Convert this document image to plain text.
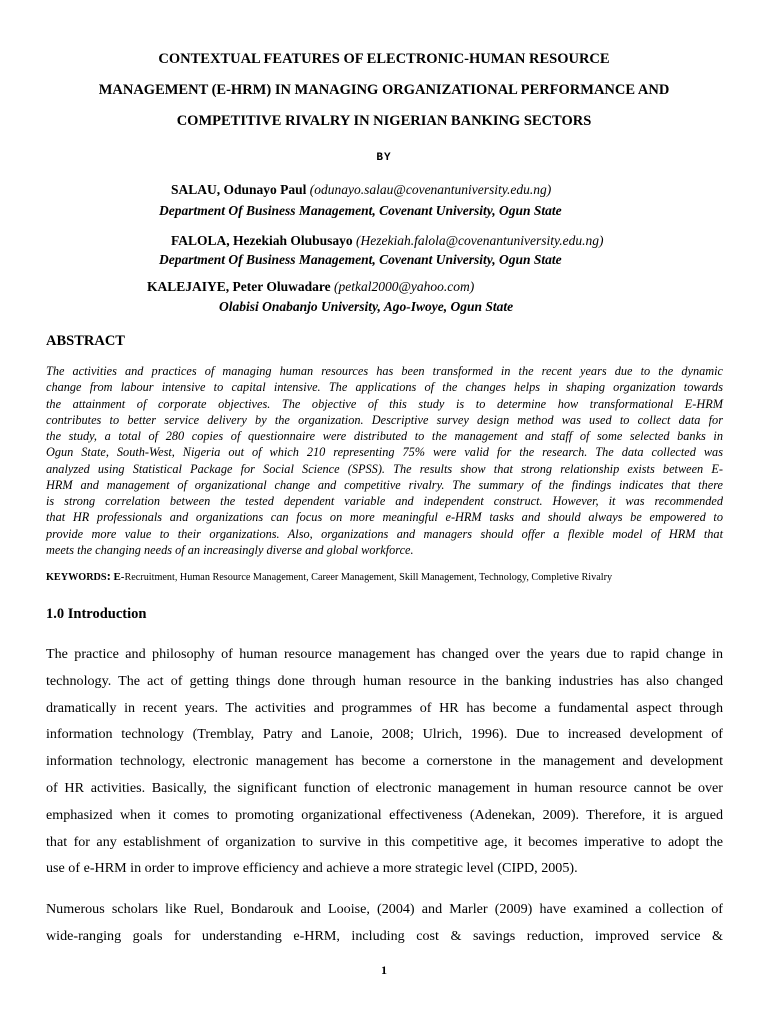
CONTEXTUAL FEATURES OF ELECTRONIC-HUMAN RESOURCE
MANAGEMENT (E-HRM) IN MANAGING ORGANIZATIONAL PERFORMANCE AND
COMPETITIVE RIVALRY IN NIGERIAN BANKING SECTORS
BY
SALAU, Odunayo Paul (odunayo.salau@covenantuniversity.edu.ng)
Department Of Business Management, Covenant University, Ogun State
FALOLA, Hezekiah Olubusayo (Hezekiah.falola@covenantuniversity.edu.ng)
Department Of Business Management, Covenant University, Ogun State
KALEJAIYE, Peter Oluwadare (petkal2000@yahoo.com)
Olabisi Onabanjo University, Ago-Iwoye, Ogun State
ABSTRACT
The activities and practices of managing human resources has been transformed in the recent years due to the dynamic
change from labour intensive to capital intensive. The applications of the changes helps in shaping organization towards
the attainment of corporate objectives. The objective of this study is to determine how transformational E-HRM
contributes to better service delivery by the organization. Descriptive survey design method was used to collect data for
the study, a total of 280 copies of questionnaire were distributed to the management and staff of some selected banks in
Ogun State, South-West, Nigeria out of which 210 representing 75% were valid for the research. The data collected was
analyzed using Statistical Package for Social Science (SPSS). The results show that strong relationship exists between E-
HRM and management of organizational change and competitive rivalry. The summary of the findings indicates that there
is strong correlation between the tested dependent variable and independent construct. However, it was recommended
that HR professionals and organizations can focus on more meaningful e-HRM tasks and should always be empowered to
provide more value to their organizations. Also, organizations and managers should offer a flexible model of HRM that
meets the changing needs of an increasingly diverse and global workforce.
KEYWORDS: E-Recruitment, Human Resource Management, Career Management, Skill Management, Technology, Completive Rivalry
1.0 Introduction
The practice and philosophy of human resource management has changed over the years due to rapid change in
technology. The act of getting things done through human resource in the banking industries has also changed
dramatically in recent years. The activities and programmes of HR has become a fundamental aspect through
information technology (Tremblay, Patry and Lanoie, 2008; Ulrich, 1996). Due to increased development of
information technology, electronic management has become a cornerstone in the management and development
of HR activities. Basically, the significant function of electronic management in human resource cannot be over
emphasized when it comes to promoting organizational effectiveness (Adenekan, 2009). Therefore, it is argued
that for any establishment of organization to survive in this competitive age, it becomes imperative to adopt the
use of e-HRM in order to improve efficiency and achieve a more strategic level (CIPD, 2005).
Numerous scholars like Ruel, Bondarouk and Looise, (2004) and Marler (2009) have examined a collection of
wide-ranging goals for understanding e-HRM, including cost & savings reduction, improved service &
1
